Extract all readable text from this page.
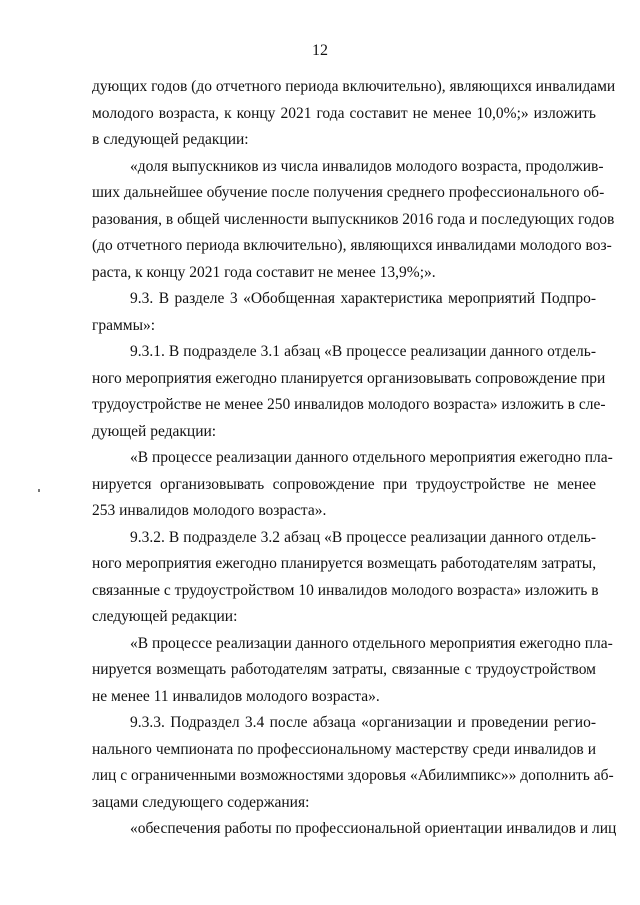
12
дующих годов (до отчетного периода включительно), являющихся инвалидами
молодого возраста, к концу 2021 года составит не менее 10,0%;» изложить
в следующей редакции:
«доля выпускников из числа инвалидов молодого возраста, продолжив-
ших дальнейшее обучение после получения среднего профессионального об-
разования, в общей численности выпускников 2016 года и последующих годов
(до отчетного периода включительно), являющихся инвалидами молодого воз-
раста, к концу 2021 года составит не менее 13,9%;».
9.3. В разделе 3 «Обобщенная характеристика мероприятий Подпро-
граммы»:
9.3.1. В подразделе 3.1 абзац «В процессе реализации данного отдель-
ного мероприятия ежегодно планируется организовывать сопровождение при
трудоустройстве не менее 250 инвалидов молодого возраста» изложить в сле-
дующей редакции:
«В процессе реализации данного отдельного мероприятия ежегодно пла-
нируется организовывать сопровождение при трудоустройстве не менее
253 инвалидов молодого возраста».
9.3.2. В подразделе 3.2 абзац «В процессе реализации данного отдель-
ного мероприятия ежегодно планируется возмещать работодателям затраты,
связанные с трудоустройством 10 инвалидов молодого возраста» изложить в
следующей редакции:
«В процессе реализации данного отдельного мероприятия ежегодно пла-
нируется возмещать работодателям затраты, связанные с трудоустройством
не менее 11 инвалидов молодого возраста».
9.3.3. Подраздел 3.4 после абзаца «организации и проведении регио-
нального чемпионата по профессиональному мастерству среди инвалидов и
лиц с ограниченными возможностями здоровья «Абилимпикс»» дополнить аб-
зацами следующего содержания:
«обеспечения работы по профессиональной ориентации инвалидов и лиц
